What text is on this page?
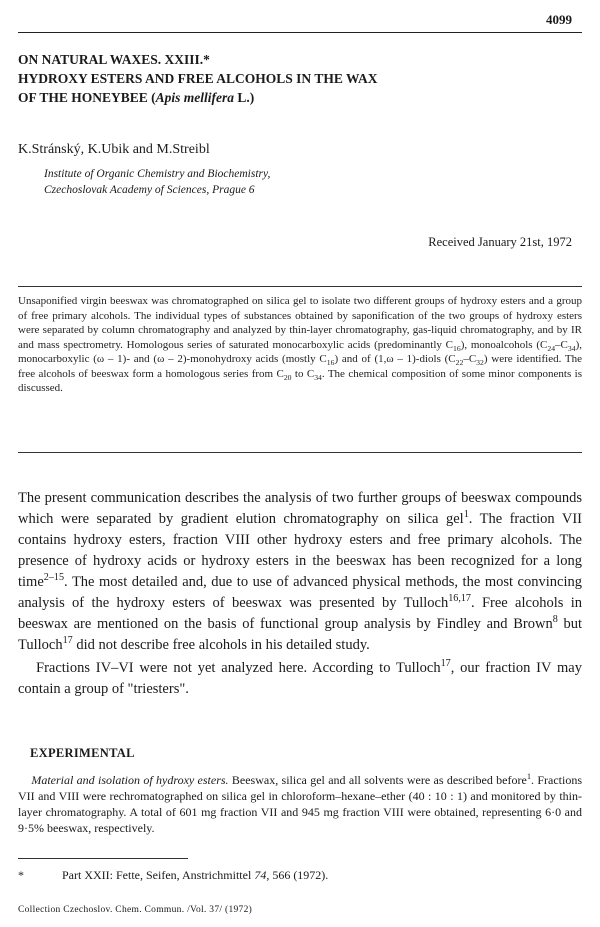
4099
ON NATURAL WAXES. XXIII.*
HYDROXY ESTERS AND FREE ALCOHOLS IN THE WAX
OF THE HONEYBEE (Apis mellifera L.)
K.Stránský, K.Ubik and M.Streibl
Institute of Organic Chemistry and Biochemistry,
Czechoslovak Academy of Sciences, Prague 6
Received January 21st, 1972
Unsaponified virgin beeswax was chromatographed on silica gel to isolate two different groups of hydroxy esters and a group of free primary alcohols. The individual types of substances obtained by saponification of the two groups of hydroxy esters were separated by column chromatography and analyzed by thin-layer chromatography, gas-liquid chromatography, and by IR and mass spectrometry. Homologous series of saturated monocarboxylic acids (predominantly $C_{16}$), monoalcohols $(C_{24}-C_{34})$, monocarboxylic (ω – 1)- and (ω – 2)-monohydroxy acids (mostly $C_{16}$) and of (1,ω – 1)-diols $(C_{22}-C_{32})$ were identified. The free alcohols of beeswax form a homologous series from $C_{20}$ to $C_{34}$. The chemical composition of some minor components is discussed.

The present communication describes the analysis of two further groups of beeswax compounds which were separated by gradient elution chromatography on silica gel$^1$. The fraction VII contains hydroxy esters, fraction VIII other hydroxy esters and free primary alcohols. The presence of hydroxy acids or hydroxy esters in the beeswax has been recognized for a long time$^{2-15}$. The most detailed and, due to use of advanced physical methods, the most convincing analysis of the hydroxy esters of beeswax was presented by Tulloch$^{16,17}$. Free alcohols in beeswax are mentioned on the basis of functional group analysis by Findley and Brown$^8$ but Tulloch$^{17}$ did not describe free alcohols in his detailed study.

Fractions IV–VI were not yet analyzed here. According to Tulloch$^{17}$, our fraction IV may contain a group of "triesters".

EXPERIMENTAL
Material and isolation of hydroxy esters. Beeswax, silica gel and all solvents were as described before$^1$. Fractions VII and VIII were rechromatographed on silica gel in chloroform–hexane–ether (40 : 10 : 1) and monitored by thin-layer chromatography. A total of 601 mg fraction VII and 945 mg fraction VIII were obtained, representing 6·0 and 9·5% beeswax, respectively.
*	Part XXII: Fette, Seifen, Anstrichmittel 74, 566 (1972).
Collection Czechoslov. Chem. Commun. /Vol. 37/ (1972)
